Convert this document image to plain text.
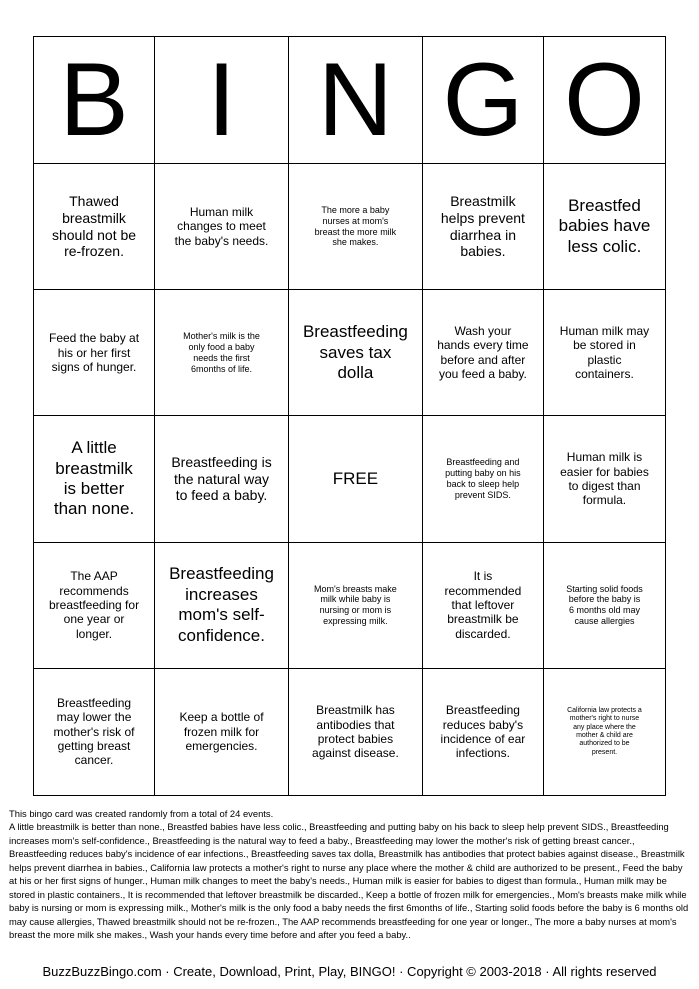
B I N G O
Thawed breastmilk should not be re-frozen.
Human milk changes to meet the baby's needs.
The more a baby nurses at mom's breast the more milk she makes.
Breastmilk helps prevent diarrhea in babies.
Breastfed babies have less colic.
Feed the baby at his or her first signs of hunger.
Mother's milk is the only food a baby needs the first 6months of life.
Breastfeeding saves tax dolla
Wash your hands every time before and after you feed a baby.
Human milk may be stored in plastic containers.
A little breastmilk is better than none.
Breastfeeding is the natural way to feed a baby.
FREE
Breastfeeding and putting baby on his back to sleep help prevent SIDS.
Human milk is easier for babies to digest than formula.
The AAP recommends breastfeeding for one year or longer.
Breastfeeding increases mom's self-confidence.
Mom's breasts make milk while baby is nursing or mom is expressing milk.
It is recommended that leftover breastmilk be discarded.
Starting solid foods before the baby is 6 months old may cause allergies
Breastfeeding may lower the mother's risk of getting breast cancer.
Keep a bottle of frozen milk for emergencies.
Breastmilk has antibodies that protect babies against disease.
Breastfeeding reduces baby's incidence of ear infections.
California law protects a mother's right to nurse any place where the mother & child are authorized to be present.
This bingo card was created randomly from a total of 24 events.
A little breastmilk is better than none., Breastfed babies have less colic., Breastfeeding and putting baby on his back to sleep help prevent SIDS., Breastfeeding increases mom's self-confidence., Breastfeeding is the natural way to feed a baby., Breastfeeding may lower the mother's risk of getting breast cancer., Breastfeeding reduces baby's incidence of ear infections., Breastfeeding saves tax dolla, Breastmilk has antibodies that protect babies against disease., Breastmilk helps prevent diarrhea in babies., California law protects a mother's right to nurse any place where the mother & child are authorized to be present., Feed the baby at his or her first signs of hunger., Human milk changes to meet the baby's needs., Human milk is easier for babies to digest than formula., Human milk may be stored in plastic containers., It is recommended that leftover breastmilk be discarded., Keep a bottle of frozen milk for emergencies., Mom's breasts make milk while baby is nursing or mom is expressing milk., Mother's milk is the only food a baby needs the first 6months of life., Starting solid foods before the baby is 6 months old may cause allergies, Thawed breastmilk should not be re-frozen., The AAP recommends breastfeeding for one year or longer., The more a baby nurses at mom's breast the more milk she makes., Wash your hands every time before and after you feed a baby..
BuzzBuzzBingo.com · Create, Download, Print, Play, BINGO! · Copyright © 2003-2018 · All rights reserved
